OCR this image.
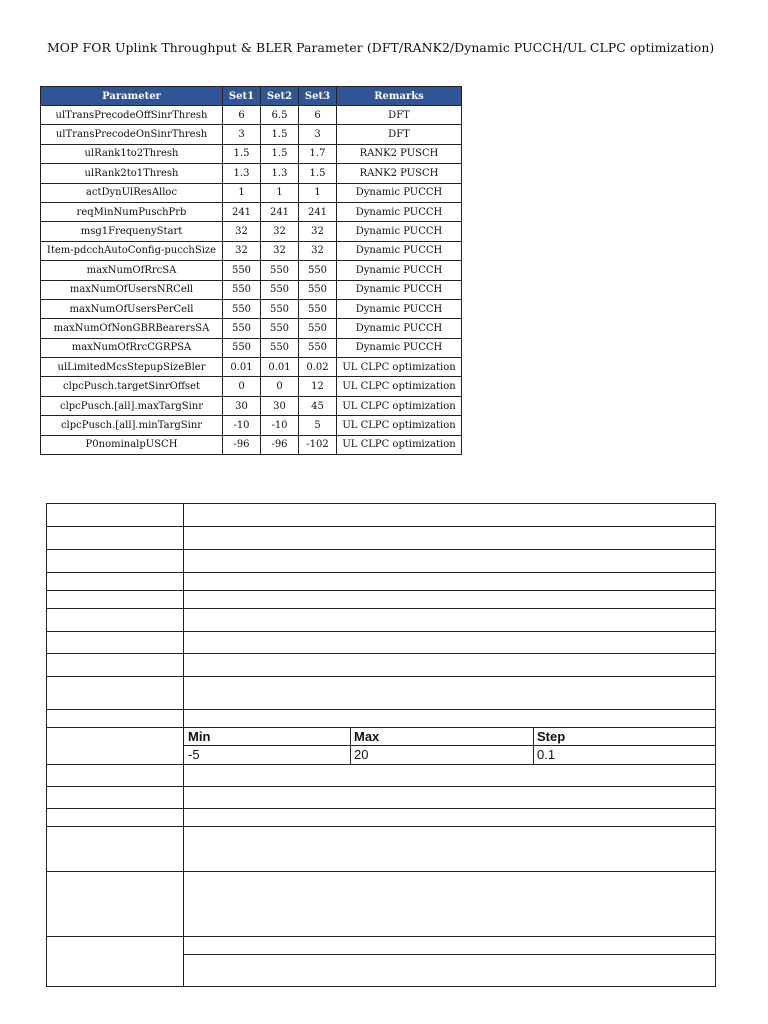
MOP FOR Uplink Throughput & BLER Parameter (DFT/RANK2/Dynamic PUCCH/UL CLPC optimization)
Parameter	Set1	Set2	Set3	Remarks
ulTransPrecodeOffSinrThresh	6	6.5	6	DFT
ulTransPrecodeOnSinrThresh	3	1.5	3	DFT
ulRank1to2Thresh	1.5	1.5	1.7	RANK2 PUSCH
ulRank2to1Thresh	1.3	1.3	1.5	RANK2 PUSCH
actDynUlResAlloc	1	1	1	Dynamic PUCCH
reqMinNumPuschPrb	241	241	241	Dynamic PUCCH
msg1FrequenyStart	32	32	32	Dynamic PUCCH
Item-pdcchAutoConfig-pucchSize	32	32	32	Dynamic PUCCH
maxNumOfRrcSA	550	550	550	Dynamic PUCCH
maxNumOfUsersNRCell	550	550	550	Dynamic PUCCH
maxNumOfUsersPerCell	550	550	550	Dynamic PUCCH
maxNumOfNonGBRBearersSA	550	550	550	Dynamic PUCCH
maxNumOfRrcCGRPSA	550	550	550	Dynamic PUCCH
ulLimitedMcsStepupSizeBler	0.01	0.01	0.02	UL CLPC optimization
clpcPusch.targetSinrOffset	0	0	12	UL CLPC optimization
clpcPusch.[all].maxTargSinr	30	30	45	UL CLPC optimization
clpcPusch.[all].minTargSinr	-10	-10	5	UL CLPC optimization
P0nominalpUSCH	-96	-96	-102	UL CLPC optimization
Min	Max	Step
-5	20	0.1
